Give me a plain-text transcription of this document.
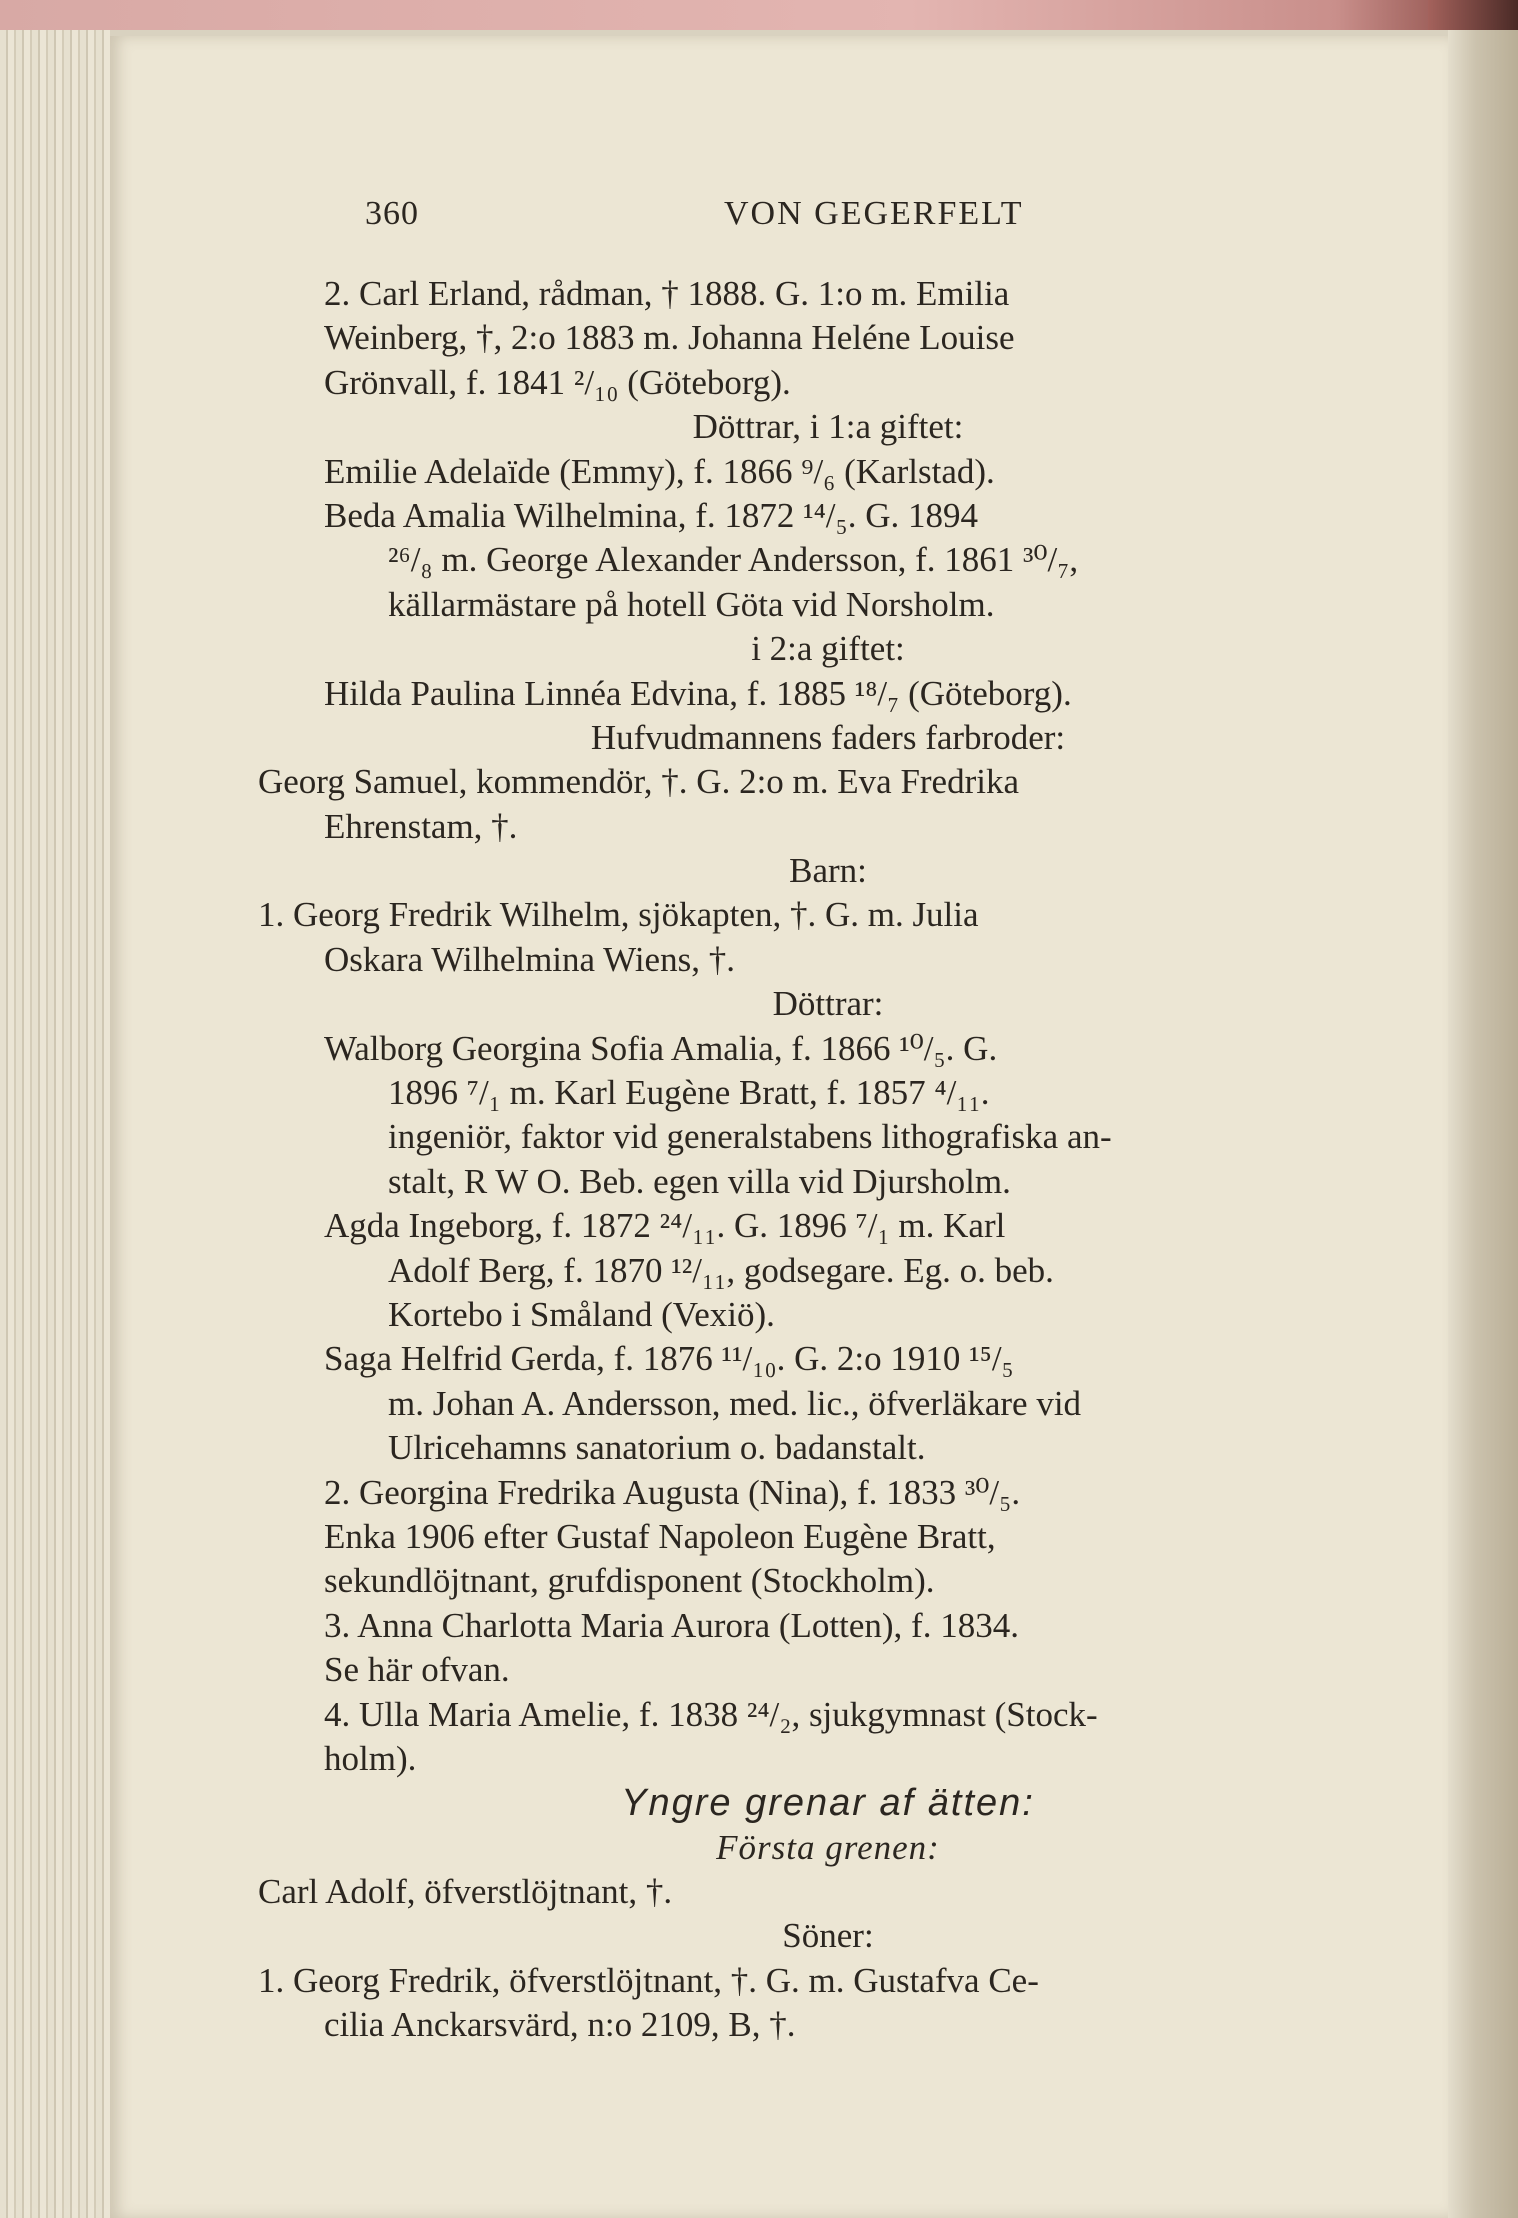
360	VON GEGERFELT
2. Carl Erland, rådman, † 1888. G. 1:o m. Emilia
Weinberg, †, 2:o 1883 m. Johanna Heléne Louise
Grönvall, f. 1841 ²/₁₀ (Göteborg).
Döttrar, i 1:a giftet:
Emilie Adelaïde (Emmy), f. 1866 ⁹/₆ (Karlstad).
Beda Amalia Wilhelmina, f. 1872 ¹⁴/₅. G. 1894
²⁶/₈ m. George Alexander Andersson, f. 1861 ³⁰/₇,
källarmästare på hotell Göta vid Norsholm.
i 2:a giftet:
Hilda Paulina Linnéa Edvina, f. 1885 ¹⁸/₇ (Göteborg).
Hufvudmannens faders farbroder:
Georg Samuel, kommendör, †. G. 2:o m. Eva Fredrika
Ehrenstam, †.
Barn:
1. Georg Fredrik Wilhelm, sjökapten, †. G. m. Julia
Oskara Wilhelmina Wiens, †.
Döttrar:
Walborg Georgina Sofia Amalia, f. 1866 ¹⁰/₅. G.
1896 ⁷/₁ m. Karl Eugène Bratt, f. 1857 ⁴/₁₁.
ingeniör, faktor vid generalstabens lithografiska an-
stalt, R W O. Beb. egen villa vid Djursholm.
Agda Ingeborg, f. 1872 ²⁴/₁₁. G. 1896 ⁷/₁ m. Karl
Adolf Berg, f. 1870 ¹²/₁₁, godsegare. Eg. o. beb.
Kortebo i Småland (Vexiö).
Saga Helfrid Gerda, f. 1876 ¹¹/₁₀. G. 2:o 1910 ¹⁵/₅
m. Johan A. Andersson, med. lic., öfverläkare vid
Ulricehamns sanatorium o. badanstalt.
2. Georgina Fredrika Augusta (Nina), f. 1833 ³⁰/₅.
Enka 1906 efter Gustaf Napoleon Eugène Bratt,
sekundlöjtnant, grufdisponent (Stockholm).
3. Anna Charlotta Maria Aurora (Lotten), f. 1834.
Se här ofvan.
4. Ulla Maria Amelie, f. 1838 ²⁴/₂, sjukgymnast (Stock-
holm).
Yngre grenar af ätten:
Första grenen:
Carl Adolf, öfverstlöjtnant, †.
Söner:
1. Georg Fredrik, öfverstlöjtnant, †. G. m. Gustafva Ce-
cilia Anckarsvärd, n:o 2109, B, †.
